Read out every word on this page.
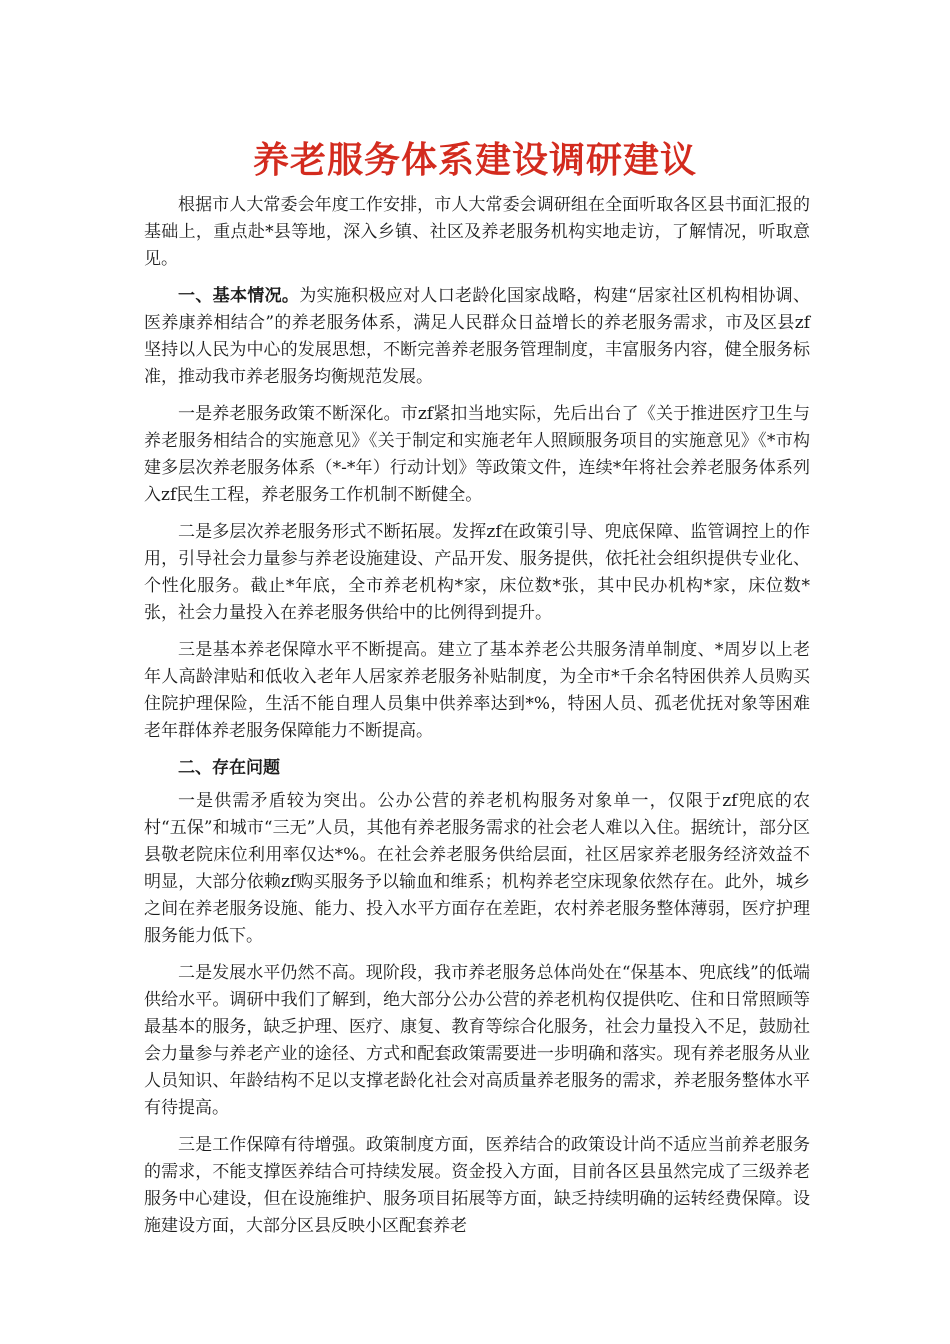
养老服务体系建设调研建议

根据市人大常委会年度工作安排，市人大常委会调研组在全面听取各区县书面汇报的基础上，重点赴*县等地，深入乡镇、社区及养老服务机构实地走访，了解情况，听取意见。

一、基本情况。为实施积极应对人口老龄化国家战略，构建“居家社区机构相协调、医养康养相结合”的养老服务体系，满足人民群众日益增长的养老服务需求，市及区县zf坚持以人民为中心的发展思想，不断完善养老服务管理制度，丰富服务内容，健全服务标准，推动我市养老服务均衡规范发展。

一是养老服务政策不断深化。市zf紧扣当地实际，先后出台了《关于推进医疗卫生与养老服务相结合的实施意见》《关于制定和实施老年人照顾服务项目的实施意见》《*市构建多层次养老服务体系（*-*年）行动计划》等政策文件，连续*年将社会养老服务体系列入zf民生工程，养老服务工作机制不断健全。

二是多层次养老服务形式不断拓展。发挥zf在政策引导、兜底保障、监管调控上的作用，引导社会力量参与养老设施建设、产品开发、服务提供，依托社会组织提供专业化、个性化服务。截止*年底，全市养老机构*家，床位数*张，其中民办机构*家，床位数*张，社会力量投入在养老服务供给中的比例得到提升。

三是基本养老保障水平不断提高。建立了基本养老公共服务清单制度、*周岁以上老年人高龄津贴和低收入老年人居家养老服务补贴制度，为全市*千余名特困供养人员购买住院护理保险，生活不能自理人员集中供养率达到*%，特困人员、孤老优抚对象等困难老年群体养老服务保障能力不断提高。

二、存在问题

一是供需矛盾较为突出。公办公营的养老机构服务对象单一，仅限于zf兜底的农村“五保”和城市“三无”人员，其他有养老服务需求的社会老人难以入住。据统计，部分区县敬老院床位利用率仅达*%。在社会养老服务供给层面，社区居家养老服务经济效益不明显，大部分依赖zf购买服务予以输血和维系；机构养老空床现象依然存在。此外，城乡之间在养老服务设施、能力、投入水平方面存在差距，农村养老服务整体薄弱，医疗护理服务能力低下。

二是发展水平仍然不高。现阶段，我市养老服务总体尚处在“保基本、兜底线”的低端供给水平。调研中我们了解到，绝大部分公办公营的养老机构仅提供吃、住和日常照顾等最基本的服务，缺乏护理、医疗、康复、教育等综合化服务，社会力量投入不足，鼓励社会力量参与养老产业的途径、方式和配套政策需要进一步明确和落实。现有养老服务从业人员知识、年龄结构不足以支撑老龄化社会对高质量养老服务的需求，养老服务整体水平有待提高。

三是工作保障有待增强。政策制度方面，医养结合的政策设计尚不适应当前养老服务的需求，不能支撑医养结合可持续发展。资金投入方面，目前各区县虽然完成了三级养老服务中心建设，但在设施维护、服务项目拓展等方面，缺乏持续明确的运转经费保障。设施建设方面，大部分区县反映小区配套养老
